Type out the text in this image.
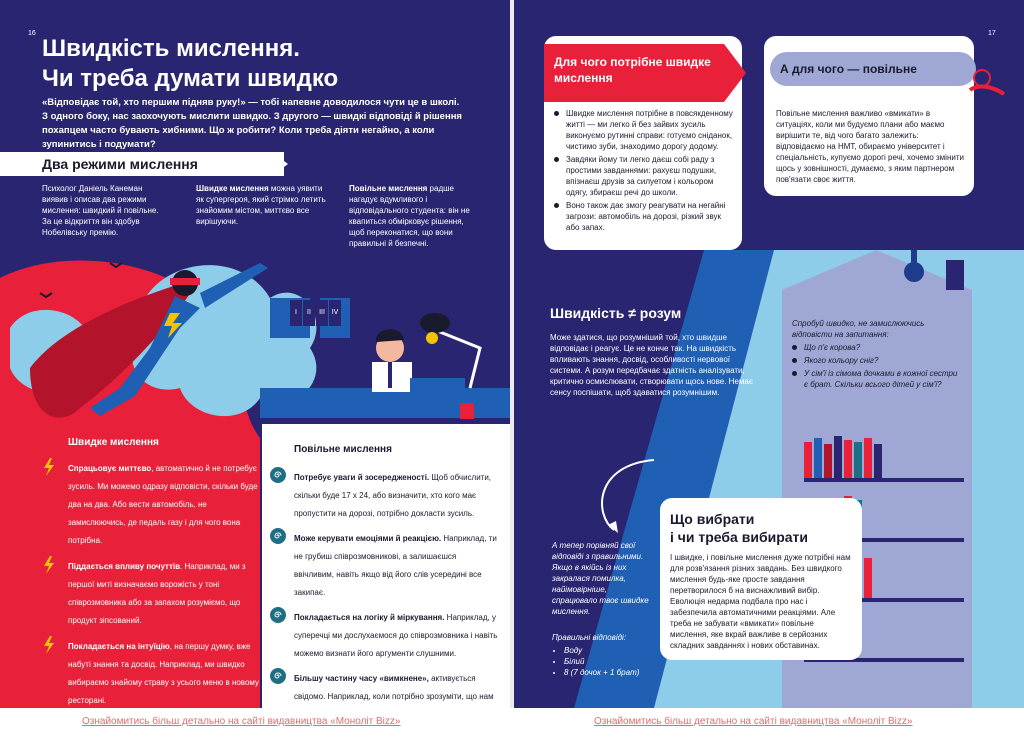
16
Швидкість мислення.
Чи треба думати швидко
«Відповідає той, хто першим підняв руку!» — тобі напевне доводилося чути це в школі. З одного боку, нас заохочують мислити швидко. З другого — швидкі відповіді й рішення похапцем часто бувають хибними. Що ж робити? Коли треба діяти негайно, а коли зупинитись і подумати?
Два режими мислення
Психолог Даніель Канеман виявив і описав два режими мислення: швидкий й повільне. За це відкриття він здобув Нобелівську премію.
Швидке мислення можна уявити як супергероя, який стрімко летить знайомим містом, миттєво все вирішуючи.
Повільне мислення радше нагадує вдумливого і відповідального студента: він не квапиться обмірковує рішення, щоб переконатися, що вони правильні й безпечні.
I II III IV
Швидке мислення
Спрацьовує миттєво, автоматично й не потребує зусиль. Ми можемо одразу відповісти, скільки буде два на два. Або вести автомобіль, не замислюючись, де педаль газу і для чого вона потрібна.
Піддається впливу почуттів. Наприклад, ми з першої миті визначаємо ворожість у тоні співрозмовника або за запахом розуміємо, що продукт зіпсований.
Покладається на інтуїцію, на першу думку, вже набуті знання та досвід. Наприклад, ми швидко вибираємо знайому страву з усього меню в новому ресторані.
Повільне мислення
Потребує уваги й зосередженості. Щоб обчислити, скільки буде 17 х 24, або визначити, хто кого має пропустити на дорозі, потрібно докласти зусиль.
Може керувати емоціями й реакцією. Наприклад, ти не грубиш співрозмовникові, а залишаєшся ввічливим, навіть якщо від його слів усередині все закипає.
Покладається на логіку й міркування. Наприклад, у суперечці ми дослухаємося до співрозмовника і навіть можемо визнати його аргументи слушними.
Більшу частину часу «вимкнене», активується свідомо. Наприклад, коли потрібно зрозуміти, що нам
17
Для чого потрібне швидке мислення
Швидке мислення потрібне в повсякденному житті — ми легко й без зайвих зусиль виконуємо рутинні справи: готуємо сніданок, чистимо зуби, знаходимо дорогу додому.
Завдяки йому ти легко даєш собі раду з простими завданнями: рахуєш подушки, впізнаєш друзів за силуетом і кольором одягу, збираєш речі до школи.
Воно також дає змогу реагувати на негайні загрози: автомобіль на дорозі, різкий звук або запах.
А для чого — повільне
Повільне мислення важливо «вмикати» в ситуаціях, коли ми будуємо плани або маємо вирішити те, від чого багато залежить: відповідаємо на НМТ, обираємо університет і спеціальність, купуємо дорогі речі, хочемо змінити щось у зовнішності, думаємо, з яким партнером пов'язати своє життя.
Швидкість ≠ розум
Може здатися, що розумніший той, хто швидше відповідає і реагує. Це не конче так. На швидкість впливають знання, досвід, особливості нервової системи. А розум передбачає здатність аналізувати, критично осмислювати, створювати щось нове. Немає сенсу поспішати, щоб здаватися розумнішим.
Спробуй швидко, не замислюючись відповісти на запитання:
Що п'є корова?
Якого кольору сніг?
У сім'ї із сімома дочками в кожної сестри є брат. Скільки всього дітей у сім'ї?
А тепер порівняй свої відповіді з правильними. Якщо в якійсь із них закралася помилка, найімовірніше, спрацювало твоє швидке мислення.
Правильні відповіді:
• Воду
• Білий
• 8 (7 дочок + 1 брат)
Що вибрати
і чи треба вибирати
І швидке, і повільне мислення дуже потрібні нам для розв'язання різних завдань. Без швидкого мислення будь-яке просте завдання перетворилося б на виснажливий вибір. Еволюція недарма подбала про нас і забезпечила автоматичними реакціями. Але треба не забувати «вмикати» повільне мислення, яке вкрай важливе в серйозних складних завданнях і нових обставинах.
Ознайомитись більш детально на сайті видавництва «Моноліт Bizz»	Ознайомитись більш детально на сайті видавництва «Моноліт Bizz»
